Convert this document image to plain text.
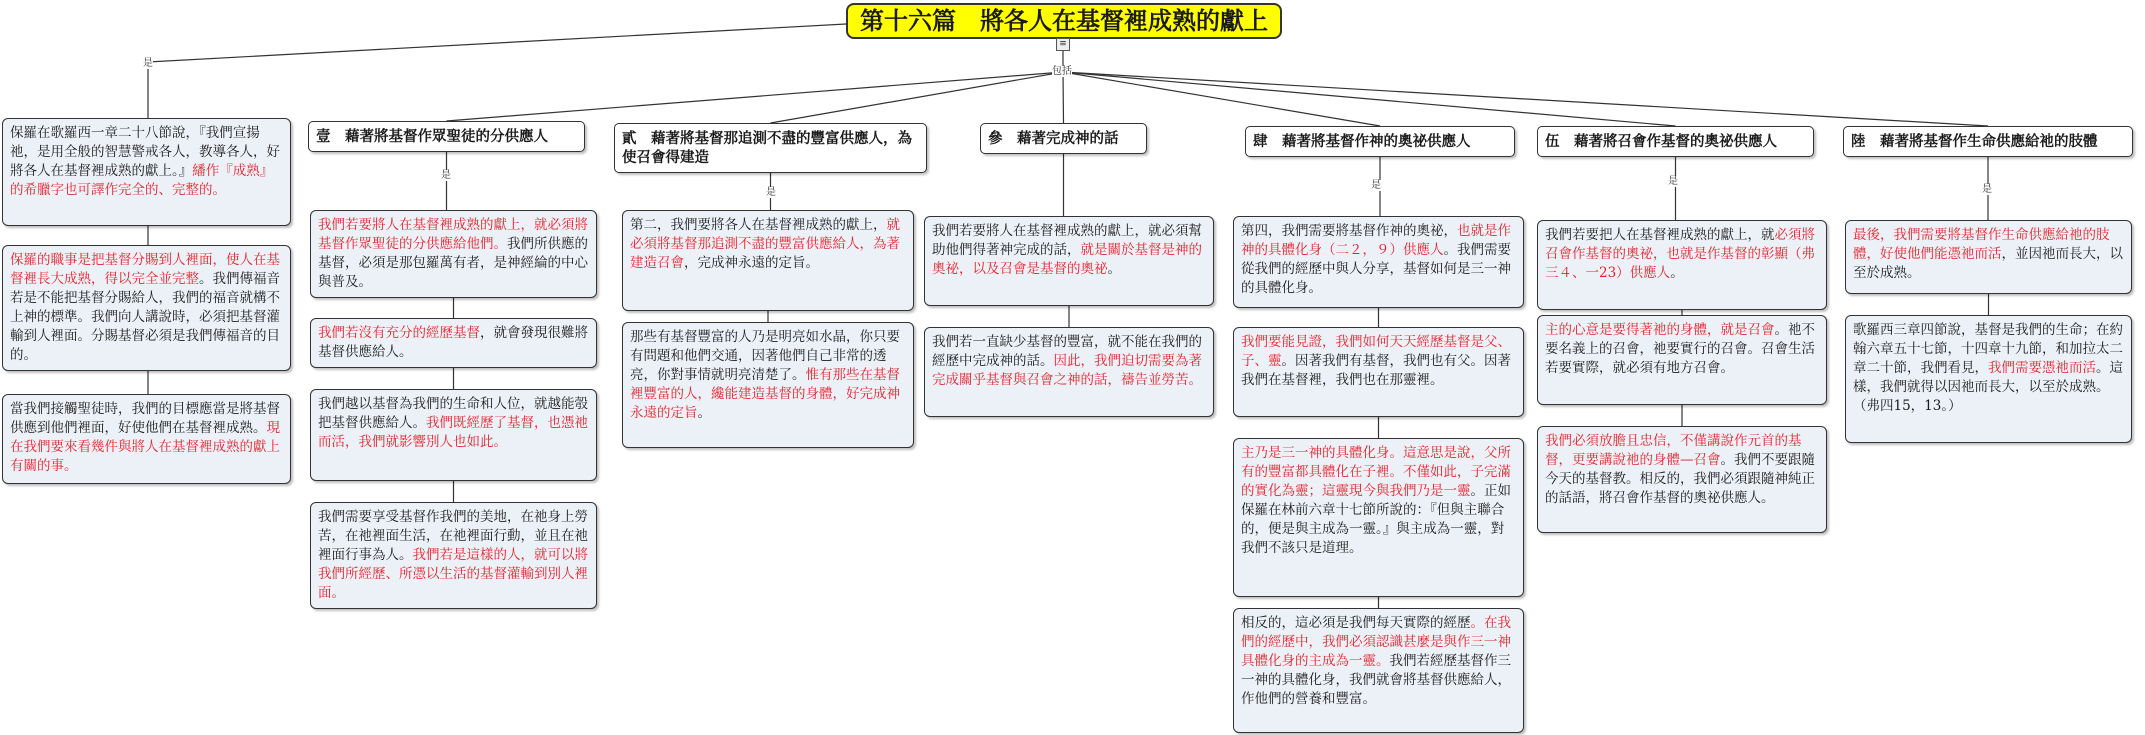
第十六篇　將各人在基督裡成熟的獻上
≡
是
包括
保羅在歌羅西一章二十八節說，『我們宣揚祂，是用全般的智慧警戒各人，教導各人，好將各人在基督裡成熟的獻上。』繙作『成熟』的希臘字也可譯作完全的、完整的。
保羅的職事是把基督分賜到人裡面，使人在基督裡長大成熟，得以完全並完整。我們傳福音若是不能把基督分賜給人，我們的福音就構不上神的標準。我們向人講說時，必須把基督灌輸到人裡面。分賜基督必須是我們傳福音的目的。
當我們接觸聖徒時，我們的目標應當是將基督供應到他們裡面，好使他們在基督裡成熟。現在我們要來看幾件與將人在基督裡成熟的獻上有關的事。
壹　藉著將基督作眾聖徒的分供應人
我們若要將人在基督裡成熟的獻上，就必須將基督作眾聖徒的分供應給他們。我們所供應的基督，必須是那包羅萬有者，是神經綸的中心與普及。
我們若沒有充分的經歷基督，就會發現很難將基督供應給人。
我們越以基督為我們的生命和人位，就越能彀把基督供應給人。我們既經歷了基督，也憑祂而活，我們就影響別人也如此。
我們需要享受基督作我們的美地，在祂身上勞苦，在祂裡面生活，在祂裡面行動，並且在祂裡面行事為人。我們若是這樣的人，就可以將我們所經歷、所憑以生活的基督灌輸到別人裡面。
貳　藉著將基督那追測不盡的豐富供應人，為使召會得建造
第二，我們要將各人在基督裡成熟的獻上，就必須將基督那追測不盡的豐富供應給人，為著建造召會，完成神永遠的定旨。
那些有基督豐富的人乃是明亮如水晶，你只要有問題和他們交通，因著他們自己非常的透亮，你對事情就明亮清楚了。惟有那些在基督裡豐富的人，纔能建造基督的身體，好完成神永遠的定旨。
參　藉著完成神的話
我們若要將人在基督裡成熟的獻上，就必須幫助他們得著神完成的話，就是關於基督是神的奧祕，以及召會是基督的奧祕。
我們若一直缺少基督的豐富，就不能在我們的經歷中完成神的話。因此，我們迫切需要為著完成關乎基督與召會之神的話，禱告並勞苦。
肆　藉著將基督作神的奧祕供應人
第四，我們需要將基督作神的奧祕，也就是作神的具體化身（二２，９）供應人。我們需要從我們的經歷中與人分享，基督如何是三一神的具體化身。
我們要能見證，我們如何天天經歷基督是父、子、靈。因著我們有基督，我們也有父。因著我們在基督裡，我們也在那靈裡。
主乃是三一神的具體化身。這意思是說，父所有的豐富都具體化在子裡。不僅如此，子完滿的實化為靈；這靈現今與我們乃是一靈。正如保羅在林前六章十七節所說的：『但與主聯合的，便是與主成為一靈。』與主成為一靈，對我們不該只是道理。
相反的，這必須是我們每天實際的經歷。在我們的經歷中，我們必須認識甚麼是與作三一神具體化身的主成為一靈。我們若經歷基督作三一神的具體化身，我們就會將基督供應給人，作他們的營養和豐富。
伍　藉著將召會作基督的奧祕供應人
我們若要把人在基督裡成熟的獻上，就必須將召會作基督的奧祕，也就是作基督的彰顯（弗三４、一23）供應人。
主的心意是要得著祂的身體，就是召會。祂不要名義上的召會，祂要實行的召會。召會生活若要實際，就必須有地方召會。
我們必須放膽且忠信，不僅講說作元首的基督，更要講說祂的身體—召會。我們不要跟隨今天的基督教。相反的，我們必須跟隨神純正的話語，將召會作基督的奧祕供應人。
陸　藉著將基督作生命供應給祂的肢體
最後，我們需要將基督作生命供應給祂的肢體，好使他們能憑祂而活，並因祂而長大，以至於成熟。
歌羅西三章四節說，基督是我們的生命；在約翰六章五十七節，十四章十九節，和加拉太二章二十節，我們看見，我們需要憑祂而活。這樣，我們就得以因祂而長大，以至於成熟。（弗四15，13。）
是
是
是	是
是
